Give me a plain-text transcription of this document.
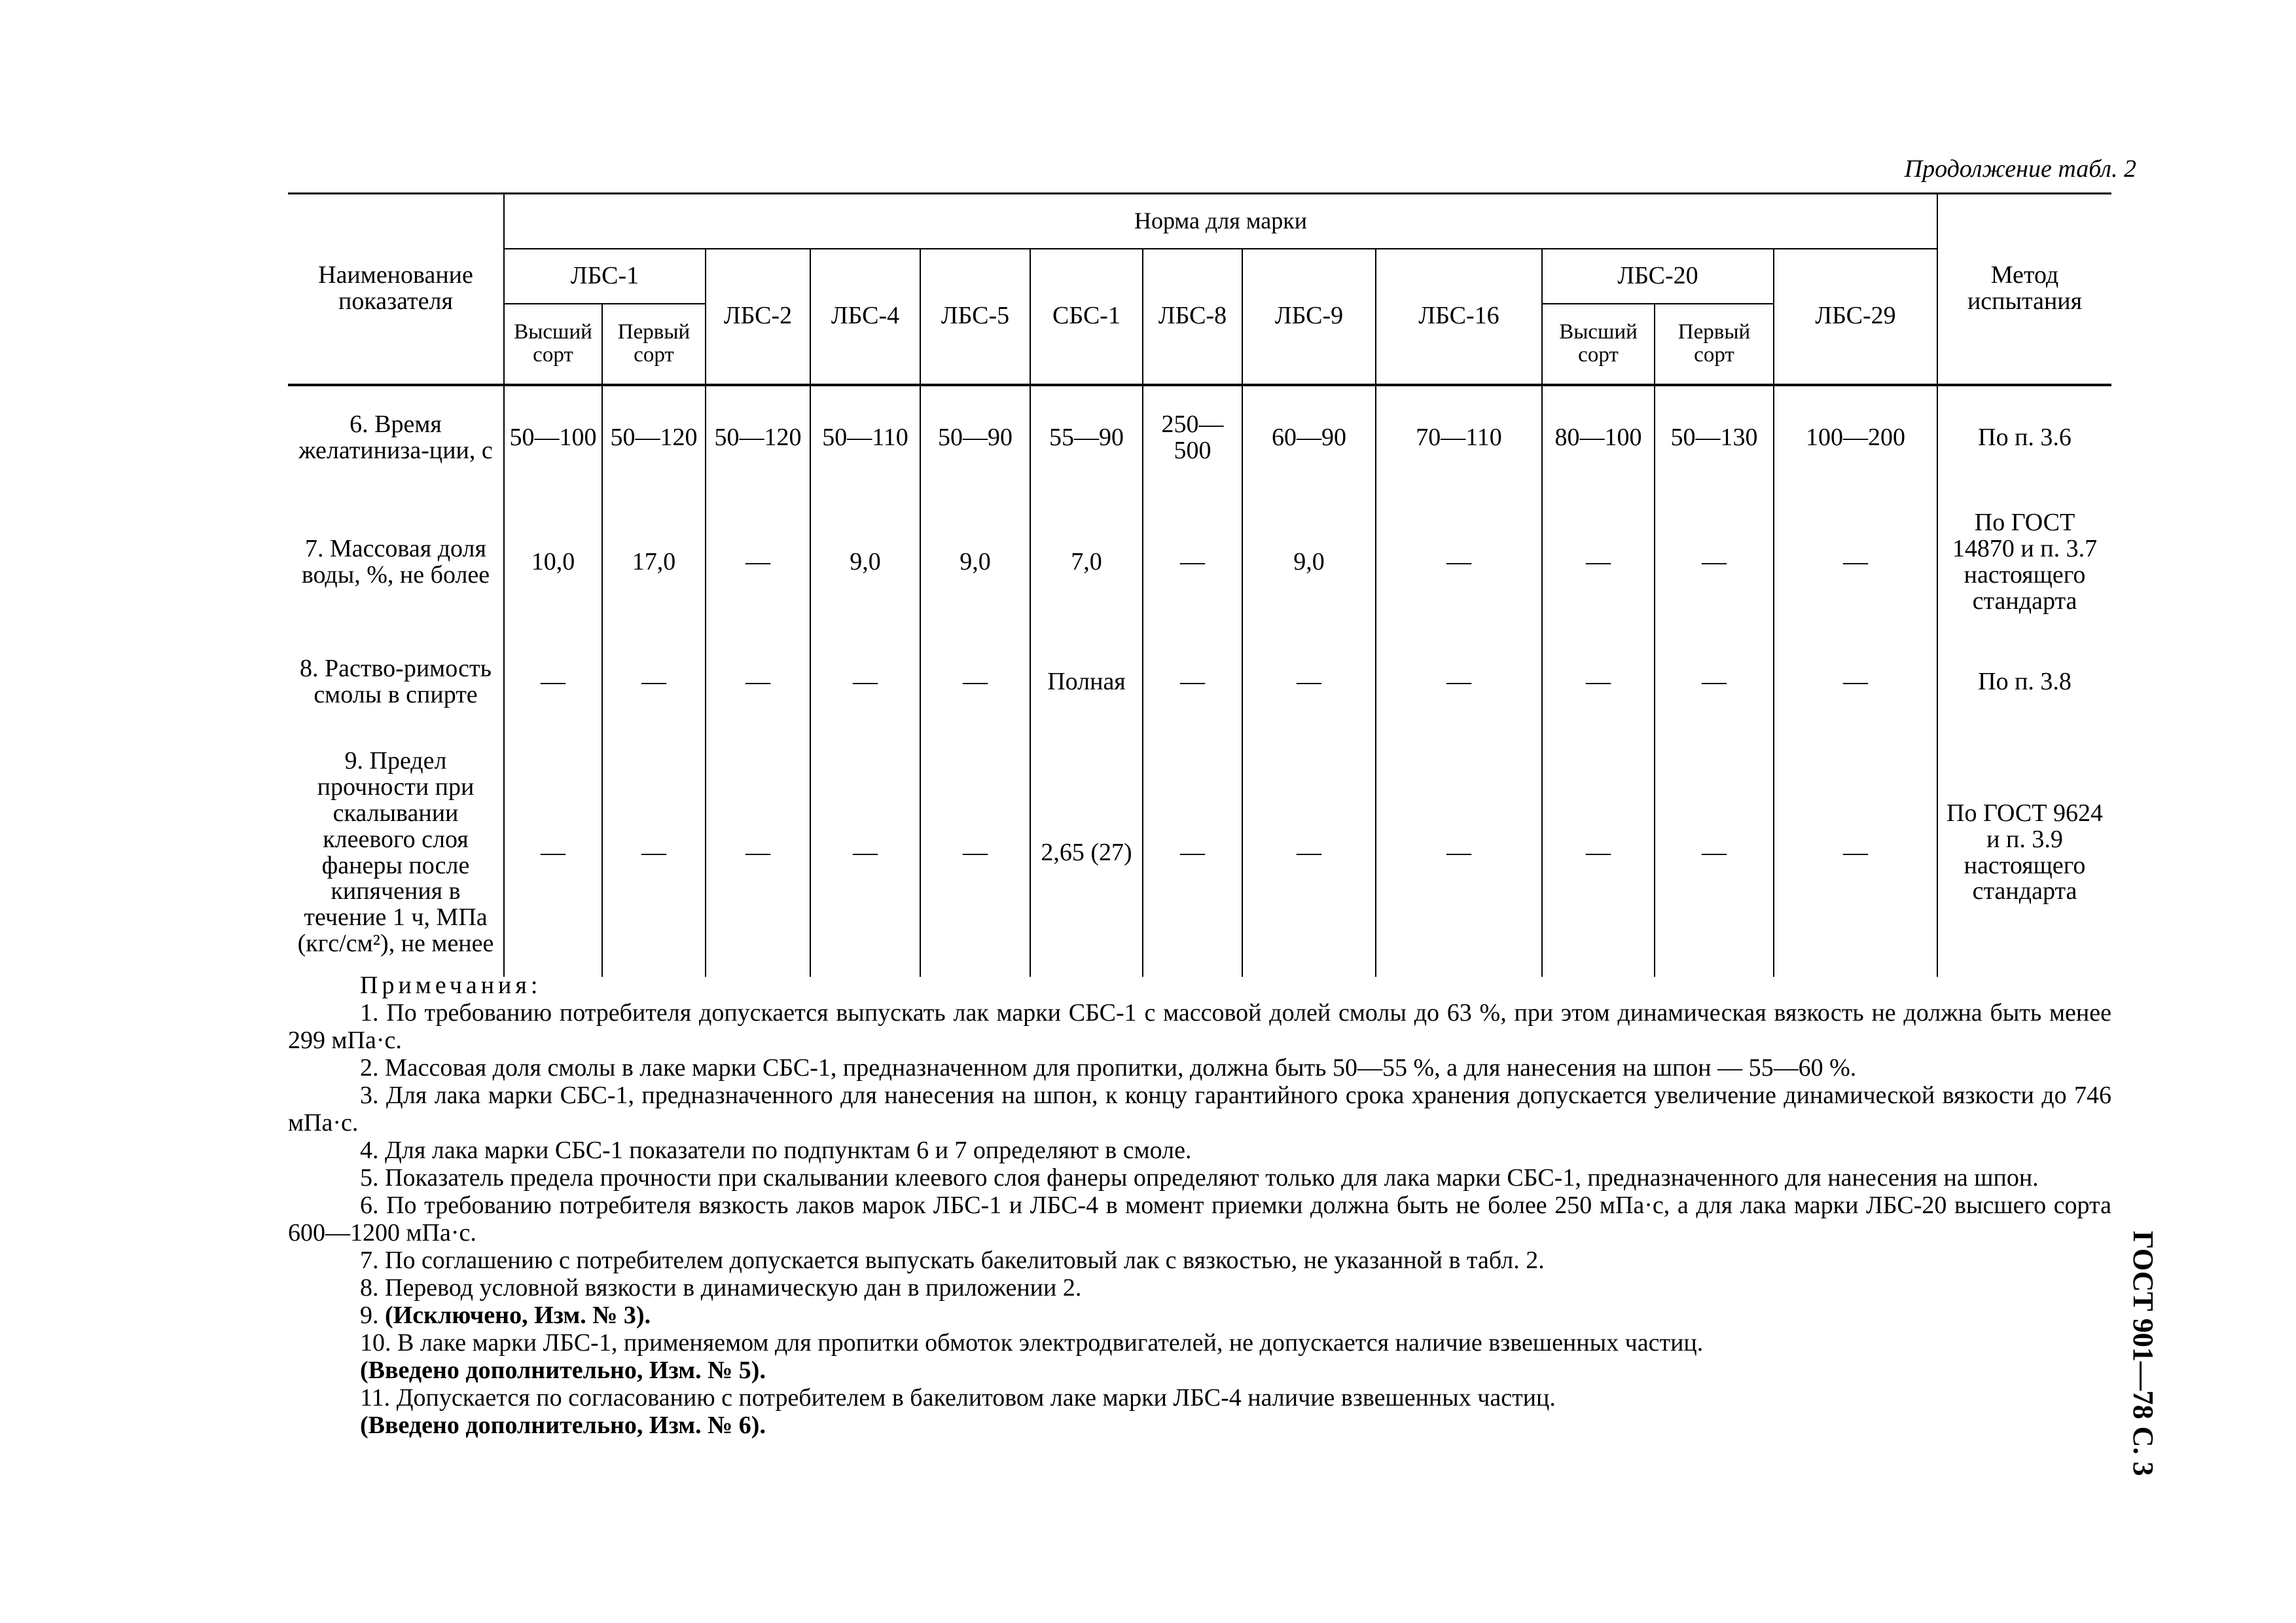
Продолжение табл. 2
ГОСТ 901—78 С. 3
Наименование показателя	Норма для марки												Метод испытания
	ЛБС-1		ЛБС-2	ЛБС-4	ЛБС-5	СБС-1	ЛБС-8	ЛБС-9	ЛБС-16	ЛБС-20		ЛБС-29	
	Высший сорт	Первый сорт								Высший сорт	Первый сорт		
6. Время желатиниза-ции, с	50—100	50—120	50—120	50—110	50—90	55—90	250—500	60—90	70—110	80—100	50—130	100—200	По п. 3.6
7. Массовая доля воды, %, не более	10,0	17,0	—	9,0	9,0	7,0	—	9,0	—	—	—	—	По ГОСТ 14870 и п. 3.7 настоящего стандарта
8. Раство-римость смолы в спирте	—	—	—	—	—	Полная	—	—	—	—	—	—	По п. 3.8
9. Предел прочности при скалывании клеевого слоя фанеры после кипячения в течение 1 ч, МПа (кгс/см²), не менее	—	—	—	—	—	2,65 (27)	—	—	—	—	—	—	По ГОСТ 9624 и п. 3.9 настоящего стандарта

Примечания:

1. По требованию потребителя допускается выпускать лак марки СБС-1 с массовой долей смолы до 63 %, при этом динамическая вязкость не должна быть менее 299 мПа·с.

2. Массовая доля смолы в лаке марки СБС-1, предназначенном для пропитки, должна быть 50—55 %, а для нанесения на шпон — 55—60 %.

3. Для лака марки СБС-1, предназначенного для нанесения на шпон, к концу гарантийного срока хранения допускается увеличение динамической вязкости до 746 мПа·с.

4. Для лака марки СБС-1 показатели по подпунктам 6 и 7 определяют в смоле.

5. Показатель предела прочности при скалывании клеевого слоя фанеры определяют только для лака марки СБС-1, предназначенного для нанесения на шпон.

6. По требованию потребителя вязкость лаков марок ЛБС-1 и ЛБС-4 в момент приемки должна быть не более 250 мПа·с, а для лака марки ЛБС-20 высшего сорта 600—1200 мПа·с.

7. По соглашению с потребителем допускается выпускать бакелитовый лак с вязкостью, не указанной в табл. 2.

8. Перевод условной вязкости в динамическую дан в приложении 2.

9. (Исключено, Изм. № 3).

10. В лаке марки ЛБС-1, применяемом для пропитки обмоток электродвигателей, не допускается наличие взвешенных частиц.

(Введено дополнительно, Изм. № 5).

11. Допускается по согласованию с потребителем в бакелитовом лаке марки ЛБС-4 наличие взвешенных частиц.

(Введено дополнительно, Изм. № 6).
